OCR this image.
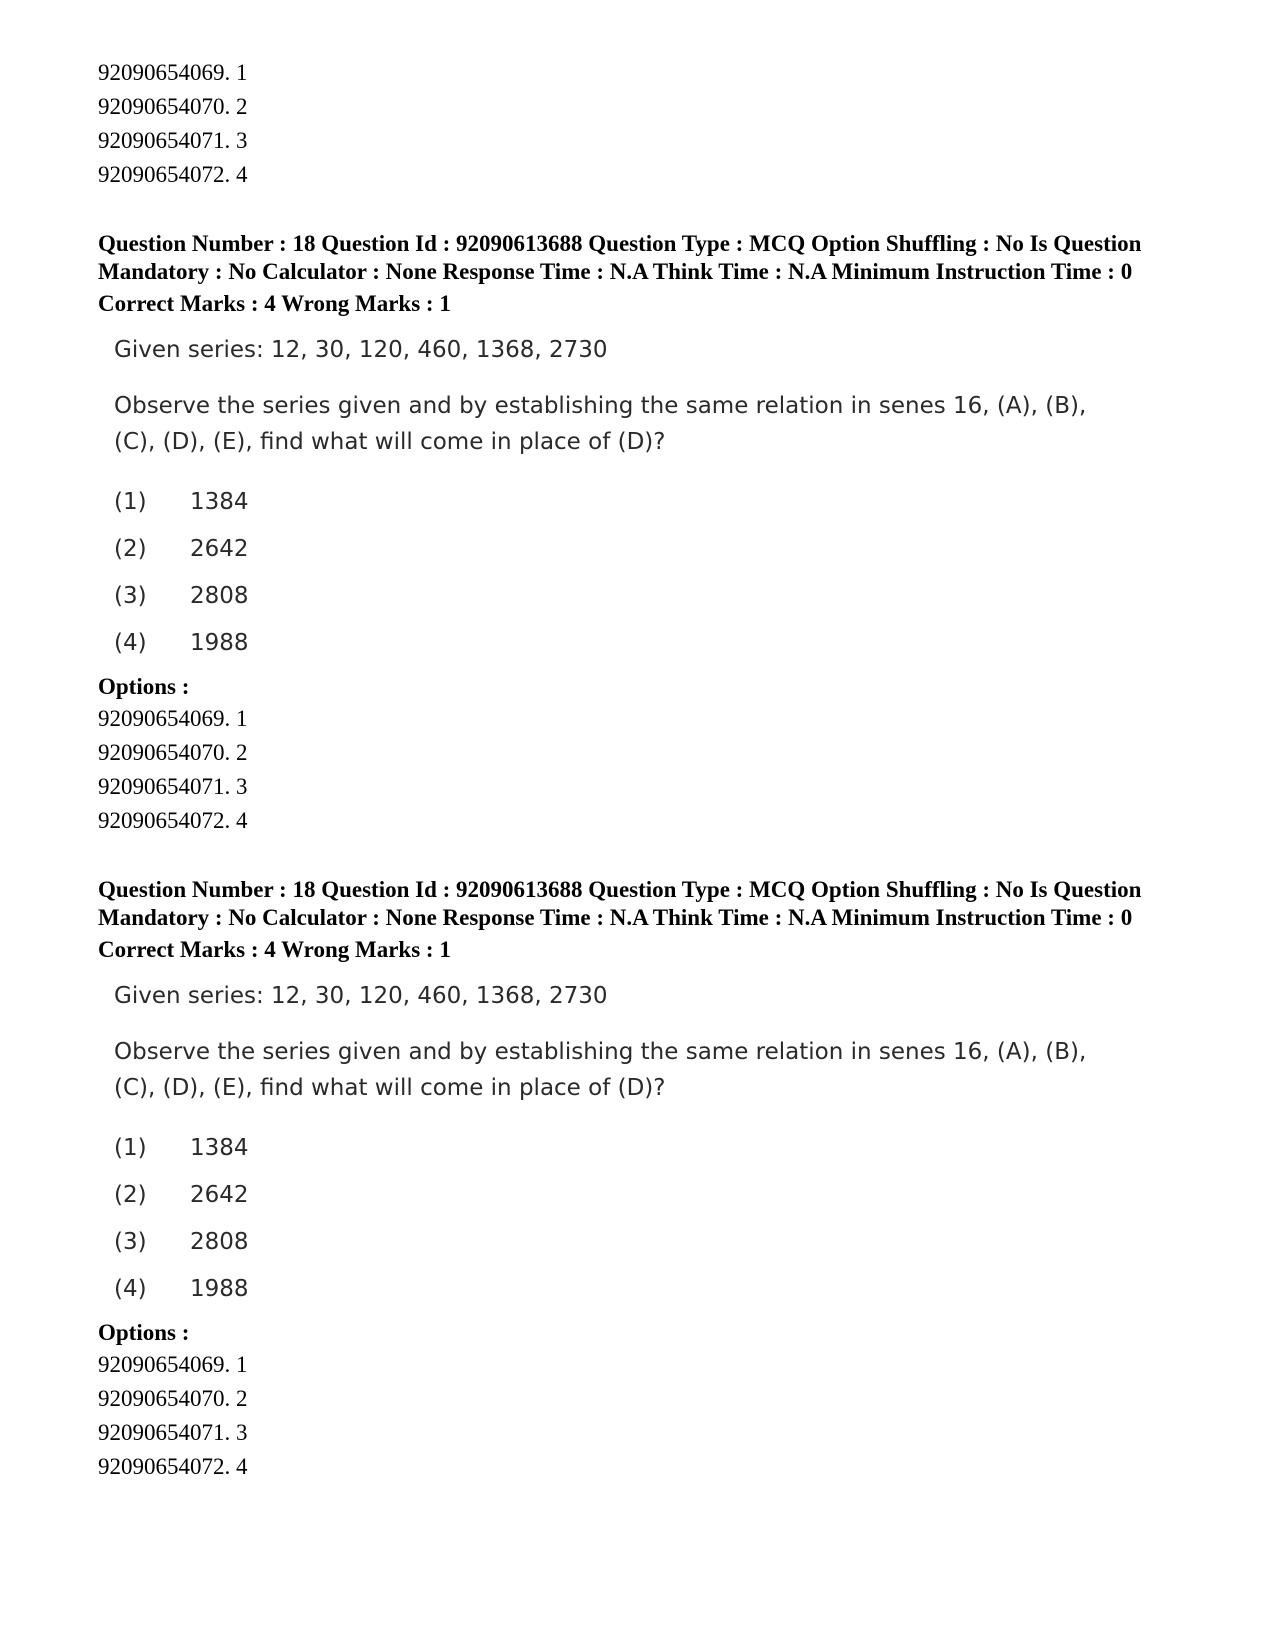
92090654069. 1
92090654070. 2
92090654071. 3
92090654072. 4
Question Number : 18 Question Id : 92090613688 Question Type : MCQ Option Shuffling : No Is Question Mandatory : No Calculator : None Response Time : N.A Think Time : N.A Minimum Instruction Time : 0
Correct Marks : 4 Wrong Marks : 1
Given series: 12, 30, 120, 460, 1368, 2730
Observe the series given and by establishing the same relation in senes 16, (A), (B), (C), (D), (E), find what will come in place of (D)?
(1)	1384
(2)	2642
(3)	2808
(4)	1988
Options :
92090654069. 1
92090654070. 2
92090654071. 3
92090654072. 4
Question Number : 18 Question Id : 92090613688 Question Type : MCQ Option Shuffling : No Is Question Mandatory : No Calculator : None Response Time : N.A Think Time : N.A Minimum Instruction Time : 0
Correct Marks : 4 Wrong Marks : 1
Given series: 12, 30, 120, 460, 1368, 2730
Observe the series given and by establishing the same relation in senes 16, (A), (B), (C), (D), (E), find what will come in place of (D)?
(1)	1384
(2)	2642
(3)	2808
(4)	1988
Options :
92090654069. 1
92090654070. 2
92090654071. 3
92090654072. 4
